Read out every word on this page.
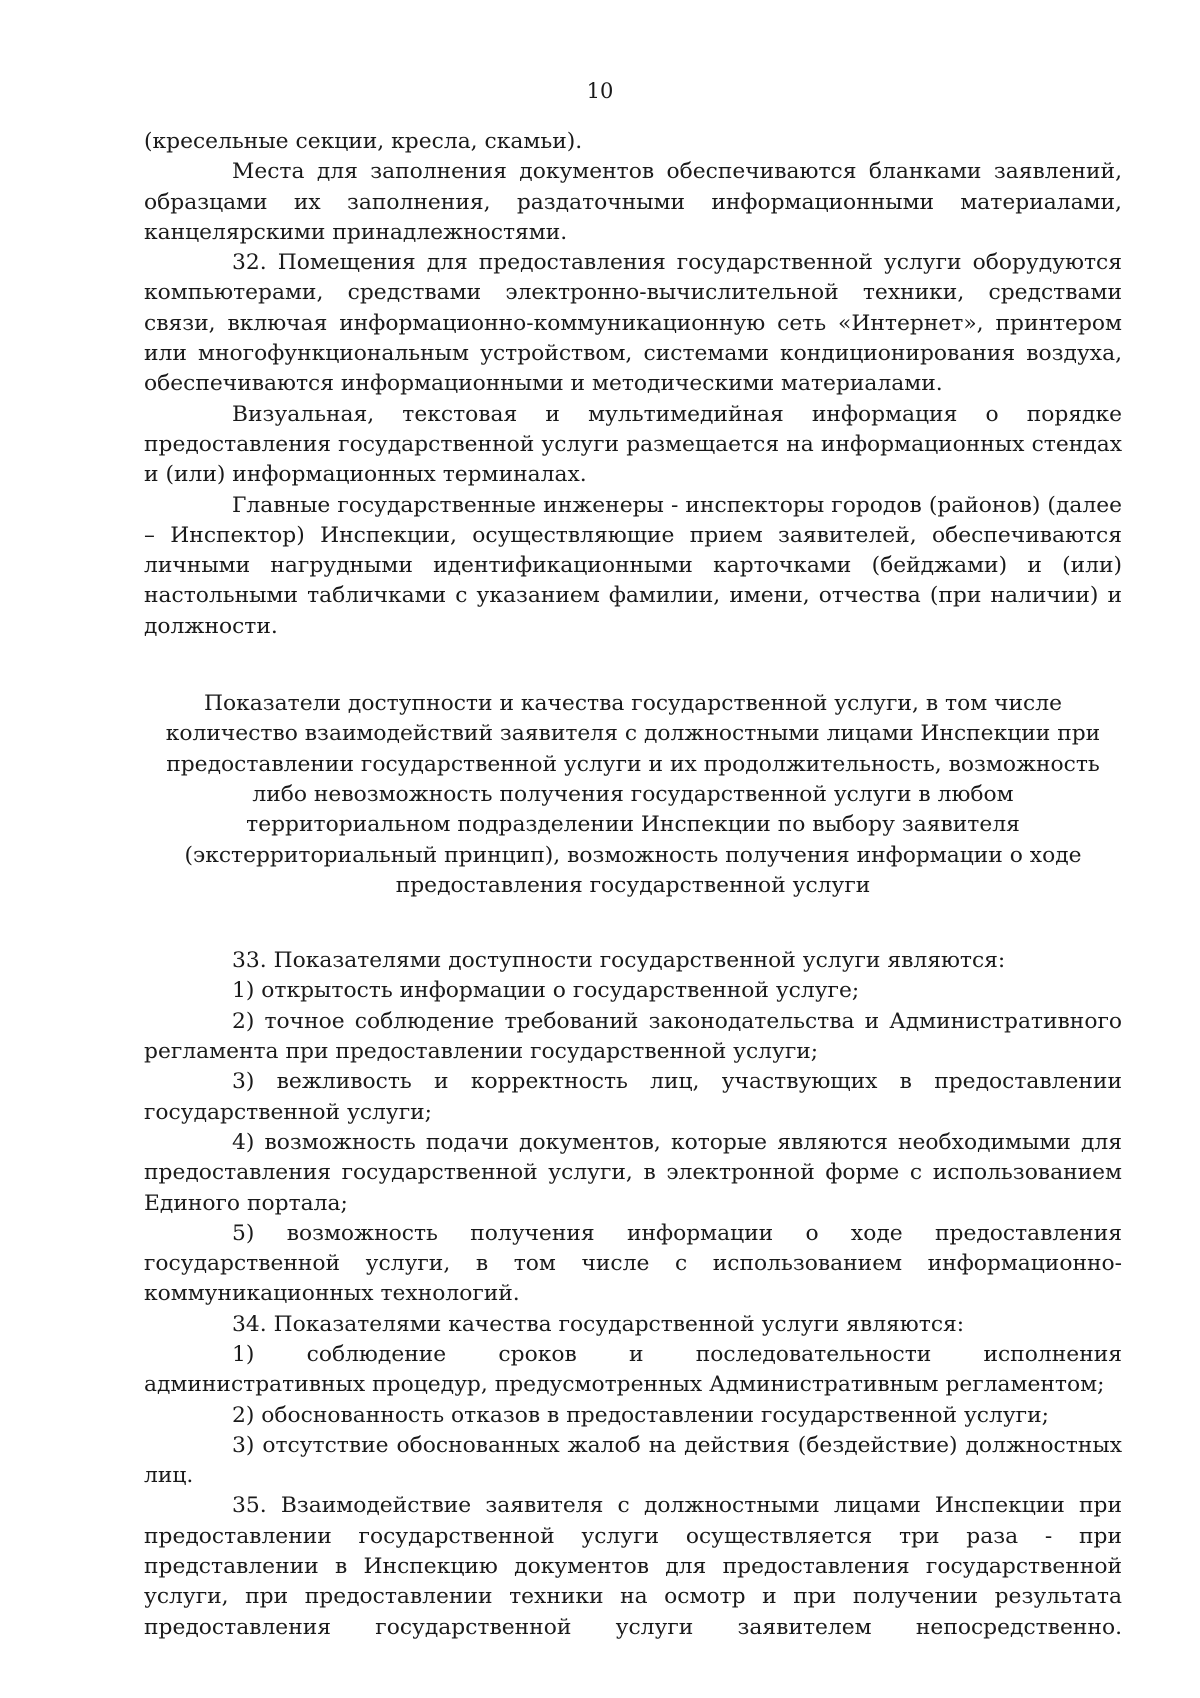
10

(кресельные секции, кресла, скамьи).

Места для заполнения документов обеспечиваются бланками заявлений, образцами их заполнения, раздаточными информационными материалами, канцелярскими принадлежностями.

32. Помещения для предоставления государственной услуги оборудуются компьютерами, средствами электронно-вычислительной техники, средствами связи, включая информационно-коммуникационную сеть «Интернет», принтером или многофункциональным устройством, системами кондиционирования воздуха, обеспечиваются информационными и методическими материалами.

Визуальная, текстовая и мультимедийная информация о порядке предоставления государственной услуги размещается на информационных стендах и (или) информационных терминалах.

Главные государственные инженеры - инспекторы городов (районов) (далее – Инспектор) Инспекции, осуществляющие прием заявителей, обеспечиваются личными нагрудными идентификационными карточками (бейджами) и (или) настольными табличками с указанием фамилии, имени, отчества (при наличии) и должности.

Показатели доступности и качества государственной услуги, в том числе количество взаимодействий заявителя с должностными лицами Инспекции при предоставлении государственной услуги и их продолжительность, возможность либо невозможность получения государственной услуги в любом территориальном подразделении Инспекции по выбору заявителя (экстерриториальный принцип), возможность получения информации о ходе предоставления государственной услуги

33. Показателями доступности государственной услуги являются:

1) открытость информации о государственной услуге;

2) точное соблюдение требований законодательства и Административного регламента при предоставлении государственной услуги;

3) вежливость и корректность лиц, участвующих в предоставлении государственной услуги;

4) возможность подачи документов, которые являются необходимыми для предоставления государственной услуги, в электронной форме с использованием Единого портала;

5) возможность получения информации о ходе предоставления государственной услуги, в том числе с использованием информационно-коммуникационных технологий.

34. Показателями качества государственной услуги являются:

1) соблюдение сроков и последовательности исполнения административных процедур, предусмотренных Административным регламентом;

2) обоснованность отказов в предоставлении государственной услуги;

3) отсутствие обоснованных жалоб на действия (бездействие) должностных лиц.

35. Взаимодействие заявителя с должностными лицами Инспекции при предоставлении государственной услуги осуществляется три раза - при представлении в Инспекцию документов для предоставления государственной услуги, при предоставлении техники на осмотр и при получении результата предоставления государственной услуги заявителем непосредственно.
